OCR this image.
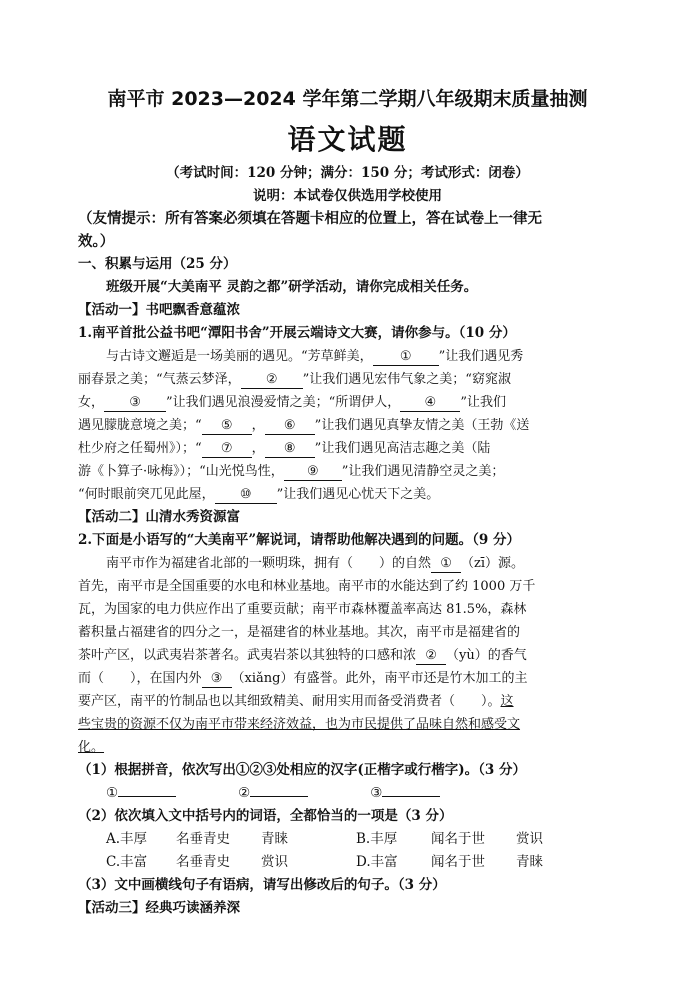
南平市 2023—2024 学年第二学期八年级期末质量抽测
语文试题
（考试时间：120 分钟；满分：150 分；考试形式：闭卷）
说明：本试卷仅供选用学校使用
（友情提示：所有答案必须填在答题卡相应的位置上，答在试卷上一律无
效。）
一、积累与运用（25 分）
班级开展“大美南平 灵韵之都”研学活动，请你完成相关任务。
【活动一】书吧飘香意蕴浓
1.南平首批公益书吧“潭阳书舍”开展云端诗文大赛，请你参与。（10 分）
与古诗文邂逅是一场美丽的遇见。“芳草鲜美， ① ”让我们遇见秀
丽春景之美；“气蒸云梦泽， ② ”让我们遇见宏伟气象之美；“窈窕淑
女， ③ ”让我们遇见浪漫爱情之美；“所谓伊人， ④ ”让我们
遇见朦胧意境之美；“ ⑤ ， ⑥ ”让我们遇见真挚友情之美（王勃《送
杜少府之任蜀州》）；“ ⑦ ， ⑧ ”让我们遇见高洁志趣之美（陆
游《卜算子·咏梅》）；“山光悦鸟性， ⑨ ”让我们遇见清静空灵之美；
“何时眼前突兀见此屋， ⑩ ”让我们遇见心忧天下之美。
【活动二】山清水秀资源富
2.下面是小语写的“大美南平”解说词，请帮助他解决遇到的问题。（9 分）
南平市作为福建省北部的一颗明珠，拥有（　　）的自然 ① （zī）源。
首先，南平市是全国重要的水电和林业基地。南平市的水能达到了约 1000 万千
瓦，为国家的电力供应作出了重要贡献；南平市森林覆盖率高达 81.5%，森林
蓄积量占福建省的四分之一，是福建省的林业基地。其次，南平市是福建省的
茶叶产区，以武夷岩茶著名。武夷岩茶以其独特的口感和浓 ② （yù）的香气
而（　　），在国内外 ③ （xiǎng）有盛誉。此外，南平市还是竹木加工的主
要产区，南平的竹制品也以其细致精美、耐用实用而备受消费者（　　）。这
些宝贵的资源不仅为南平市带来经济效益，也为市民提供了品味自然和感受文
化。
（1）根据拼音，依次写出①②③处相应的汉字(正楷字或行楷字)。（3 分）
①	②	③
（2）依次填入文中括号内的词语，全都恰当的一项是（3 分）
A.丰厚 名垂青史 青睐	B.丰厚	闻名于世 赏识
C.丰富 名垂青史 赏识	D.丰富 闻名于世 青睐
（3）文中画横线句子有语病，请写出修改后的句子。（3 分）
【活动三】经典巧读涵养深
